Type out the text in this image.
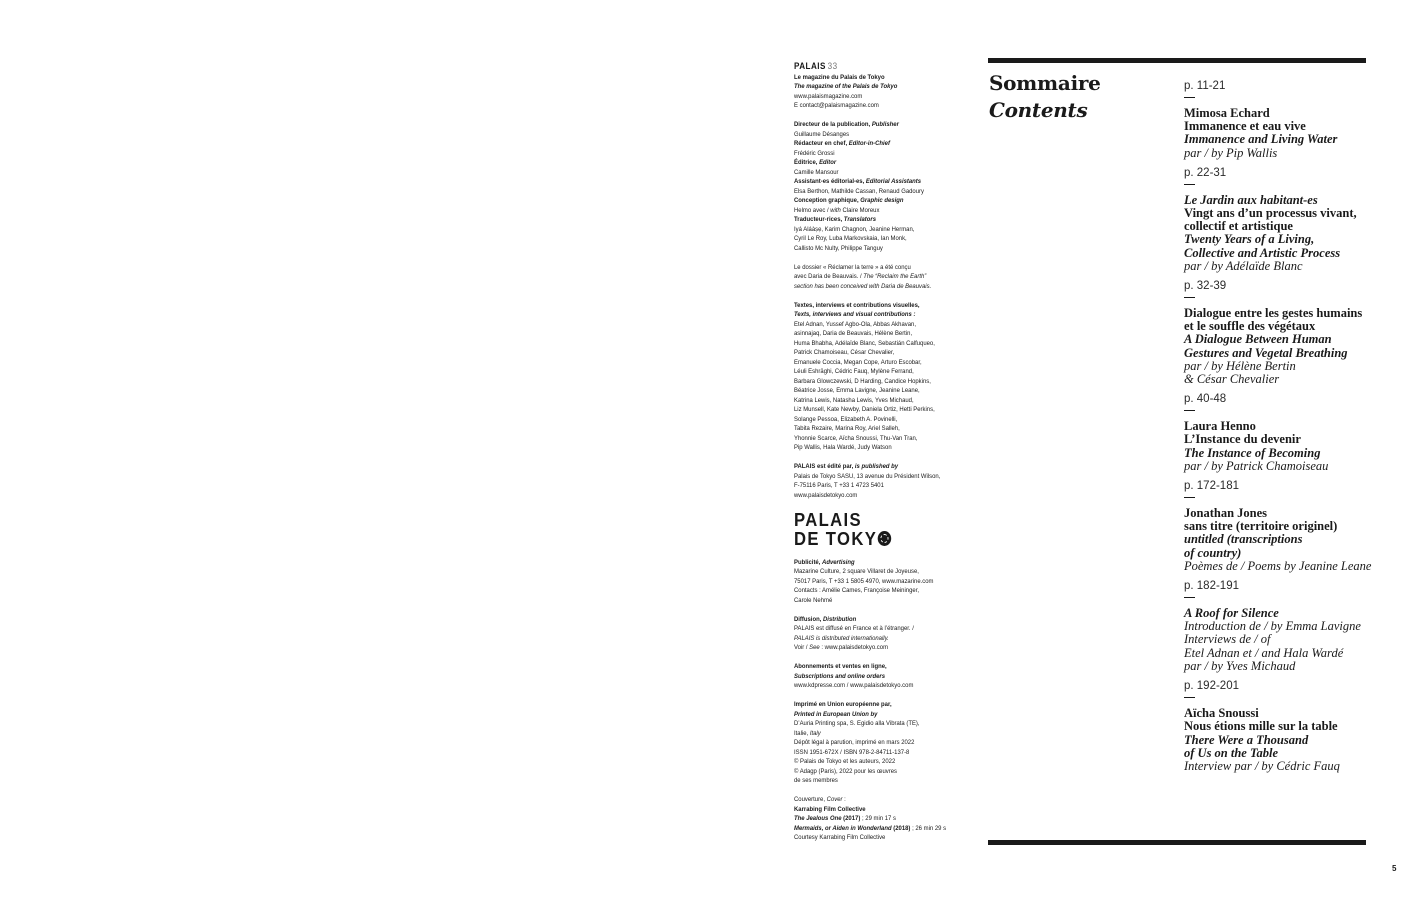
PALAIS 33
Le magazine du Palais de Tokyo
The magazine of the Palais de Tokyo
www.palaismagazine.com
E contact@palaismagazine.com
Directeur de la publication, Publisher
Guillaume Désanges
Rédacteur en chef, Editor-in-Chief
Frédéric Grossi
Éditrice, Editor
Camille Mansour
Assistant-es éditorial-es, Editorial Assistants
Elsa Berthon, Mathilde Cassan, Renaud Gadoury
Conception graphique, Graphic design
Helmo avec / with Claire Moreux
Traducteur-rices, Translators
Iyá Aláàṣẹ, Karim Chagnon, Jeanine Herman,
Cyril Le Roy, Luba Markovskaia, Ian Monk,
Callisto Mc Nulty, Philippe Tanguy
Le dossier « Réclamer la terre » a été conçu
avec Daria de Beauvais. / The “Reclaim the Earth”
section has been conceived with Daria de Beauvais.
Textes, interviews et contributions visuelles,
Texts, interviews and visual contributions :
Etel Adnan, Yussef Agbo-Ola, Abbas Akhavan,
asinnajaq, Daria de Beauvais, Hélène Bertin,
Huma Bhabha, Adélaïde Blanc, Sebastián Calfuqueo,
Patrick Chamoiseau, César Chevalier,
Emanuele Coccia, Megan Cope, Arturo Escobar,
Léuli Eshrāghi, Cédric Fauq, Mylène Ferrand,
Barbara Glowczewski, D Harding, Candice Hopkins,
Béatrice Josse, Emma Lavigne, Jeanine Leane,
Katrina Lewis, Natasha Lewis, Yves Michaud,
Liz Munsell, Kate Newby, Daniela Ortiz, Hetti Perkins,
Solange Pessoa, Elizabeth A. Povinelli,
Tabita Rezaire, Marina Roy, Ariel Salleh,
Yhonnie Scarce, Aïcha Snoussi, Thu-Van Tran,
Pip Wallis, Hala Wardé, Judy Watson
PALAIS est édité par, is published by
Palais de Tokyo SASU, 13 avenue du Président Wilson,
F-75116 Paris, T +33 1 4723 5401
www.palaisdetokyo.com
PALAIS
DE TOKY
Publicité, Advertising
Mazarine Culture, 2 square Villaret de Joyeuse,
75017 Paris, T +33 1 5805 4970, www.mazarine.com
Contacts : Amélie Cames, Françoise Meininger,
Carole Nehmé
Diffusion, Distribution
PALAIS est diffusé en France et à l’étranger. /
PALAIS is distributed internationally.
Voir / See : www.palaisdetokyo.com
Abonnements et ventes en ligne,
Subscriptions and online orders
www.kdpresse.com / www.palaisdetokyo.com
Imprimé en Union européenne par,
Printed in European Union by
D’Auria Printing spa, S. Egidio alla Vibrata (TE),
Italie, Italy
Dépôt légal à parution, imprimé en mars 2022
ISSN 1951-672X / ISBN 978-2-84711-137-8
© Palais de Tokyo et les auteurs, 2022
© Adagp (Paris), 2022 pour les œuvres
de ses membres
Couverture, Cover :
Karrabing Film Collective
The Jealous One (2017) ; 29 min 17 s
Mermaids, or Aiden in Wonderland (2018) ; 26 min 29 s
Courtesy Karrabing Film Collective
Sommaire
Contents
p. 11-21
Mimosa Echard
Immanence et eau vive
Immanence and Living Water
par / by Pip Wallis
p. 22-31
Le Jardin aux habitant-es
Vingt ans d’un processus vivant,
collectif et artistique
Twenty Years of a Living,
Collective and Artistic Process
par / by Adélaïde Blanc
p. 32-39
Dialogue entre les gestes humains
et le souffle des végétaux
A Dialogue Between Human
Gestures and Vegetal Breathing
par / by Hélène Bertin
& César Chevalier
p. 40-48
Laura Henno
L’Instance du devenir
The Instance of Becoming
par / by Patrick Chamoiseau
p. 172-181
Jonathan Jones
sans titre (territoire originel)
untitled (transcriptions
of country)
Poèmes de / Poems by Jeanine Leane
p. 182-191
A Roof for Silence
Introduction de / by Emma Lavigne
Interviews de / of
Etel Adnan et / and Hala Wardé
par / by Yves Michaud
p. 192-201
Aïcha Snoussi
Nous étions mille sur la table
There Were a Thousand
of Us on the Table
Interview par / by Cédric Fauq
5
